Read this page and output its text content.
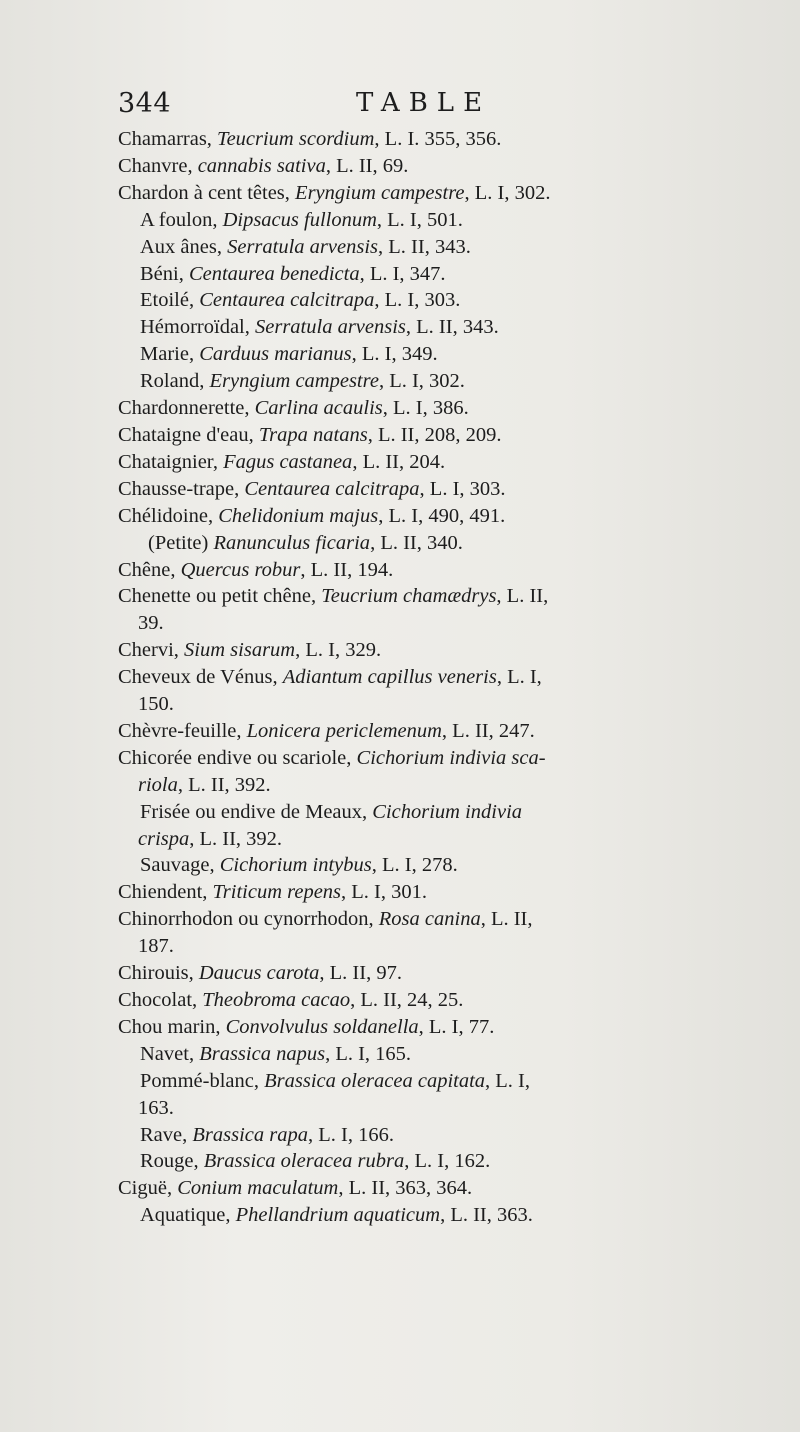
344	TABLE
Chamarras, Teucrium scordium, L. I. 355, 356.
Chanvre, cannabis sativa, L. II, 69.
Chardon à cent têtes, Eryngium campestre, L. I, 302.
A foulon, Dipsacus fullonum, L. I, 501.
Aux ânes, Serratula arvensis, L. II, 343.
Béni, Centaurea benedicta, L. I, 347.
Etoilé, Centaurea calcitrapa, L. I, 303.
Hémorroïdal, Serratula arvensis, L. II, 343.
Marie, Carduus marianus, L. I, 349.
Roland, Eryngium campestre, L. I, 302.
Chardonnerette, Carlina acaulis, L. I, 386.
Chataigne d'eau, Trapa natans, L. II, 208, 209.
Chataignier, Fagus castanea, L. II, 204.
Chausse-trape, Centaurea calcitrapa, L. I, 303.
Chélidoine, Chelidonium majus, L. I, 490, 491.
(Petite) Ranunculus ficaria, L. II, 340.
Chêne, Quercus robur, L. II, 194.
Chenette ou petit chêne, Teucrium chamædrys, L. II,
39.
Chervi, Sium sisarum, L. I, 329.
Cheveux de Vénus, Adiantum capillus veneris, L. I,
150.
Chèvre-feuille, Lonicera periclemenum, L. II, 247.
Chicorée endive ou scariole, Cichorium indivia sca-
riola, L. II, 392.
Frisée ou endive de Meaux, Cichorium indivia
crispa, L. II, 392.
Sauvage, Cichorium intybus, L. I, 278.
Chiendent, Triticum repens, L. I, 301.
Chinorrhodon ou cynorrhodon, Rosa canina, L. II,
187.
Chirouis, Daucus carota, L. II, 97.
Chocolat, Theobroma cacao, L. II, 24, 25.
Chou marin, Convolvulus soldanella, L. I, 77.
Navet, Brassica napus, L. I, 165.
Pommé-blanc, Brassica oleracea capitata, L. I,
163.
Rave, Brassica rapa, L. I, 166.
Rouge, Brassica oleracea rubra, L. I, 162.
Ciguë, Conium maculatum, L. II, 363, 364.
Aquatique, Phellandrium aquaticum, L. II, 363.
